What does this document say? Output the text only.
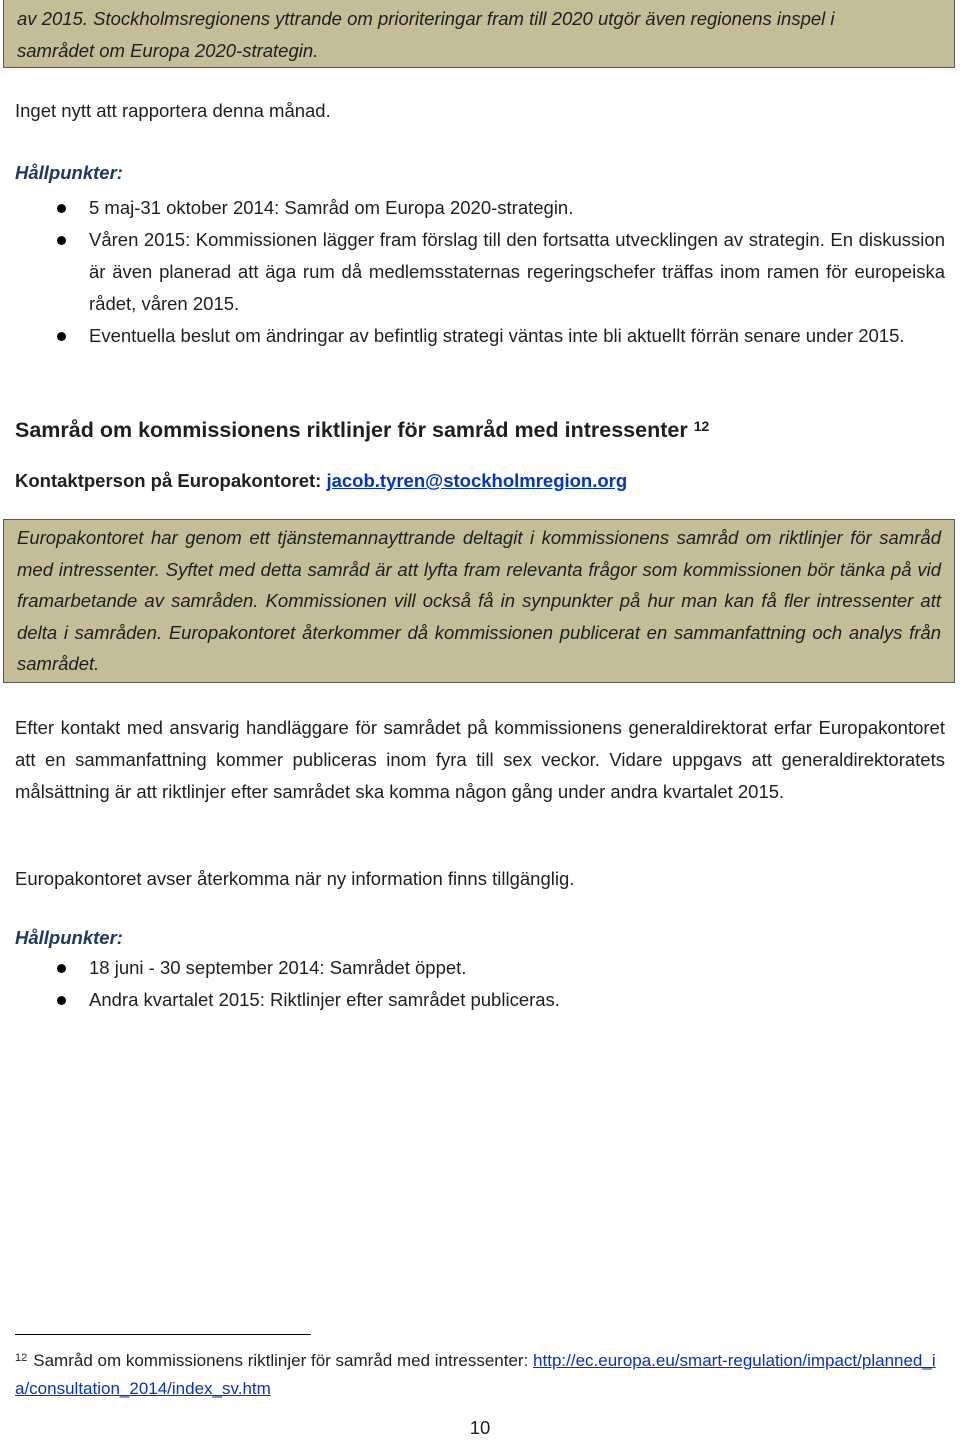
av 2015. Stockholmsregionens yttrande om prioriteringar fram till 2020 utgör även regionens inspel i

samrådet om Europa 2020-strategin.

Inget nytt att rapportera denna månad.

Hållpunkter:

5 maj-31 oktober 2014: Samråd om Europa 2020-strategin.
Våren 2015: Kommissionen lägger fram förslag till den fortsatta utvecklingen av strategin. En diskussion är även planerad att äga rum då medlemsstaternas regeringschefer träffas inom ramen för europeiska rådet, våren 2015.
Eventuella beslut om ändringar av befintlig strategi väntas inte bli aktuellt förrän senare under 2015.
Samråd om kommissionens riktlinjer för samråd med intressenter $^{12}$

Kontaktperson på Europakontoret: jacob.tyren@stockholmregion.org

Europakontoret har genom ett tjänstemannayttrande deltagit i kommissionens samråd om riktlinjer för samråd med intressenter. Syftet med detta samråd är att lyfta fram relevanta frågor som kommissionen bör tänka på vid framarbetande av samråden. Kommissionen vill också få in synpunkter på hur man kan få fler intressenter att delta i samråden. Europakontoret återkommer då kommissionen publicerat en sammanfattning och analys från samrådet.

Efter kontakt med ansvarig handläggare för samrådet på kommissionens generaldirektorat erfar Europakontoret att en sammanfattning kommer publiceras inom fyra till sex veckor. Vidare uppgavs att generaldirektoratets målsättning är att riktlinjer efter samrådet ska komma någon gång under andra kvartalet 2015.

Europakontoret avser återkomma när ny information finns tillgänglig.

Hållpunkter:

18 juni - 30 september 2014: Samrådet öppet.
Andra kvartalet 2015: Riktlinjer efter samrådet publiceras.

$^{12}$ Samråd om kommissionens riktlinjer för samråd med intressenter: http://ec.europa.eu/smart-regulation/impact/planned_ia/consultation_2014/index_sv.htm

10
